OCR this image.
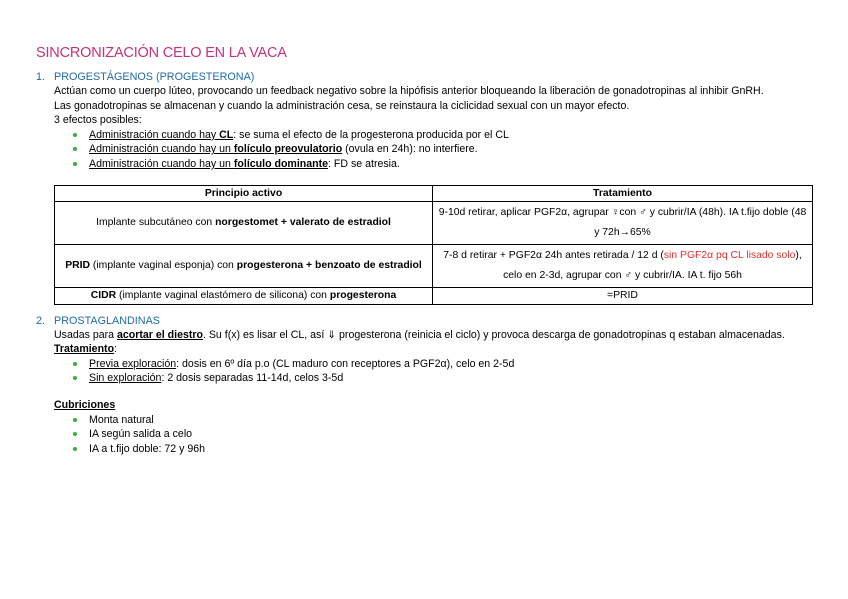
SINCRONIZACIÓN CELO EN LA VACA
1. PROGESTÁGENOS (PROGESTERONA)
Actúan como un cuerpo lúteo, provocando un feedback negativo sobre la hipófisis anterior bloqueando la liberación de gonadotropinas al inhibir GnRH.
Las gonadotropinas se almacenan y cuando la administración cesa, se reinstaura la ciclicidad sexual con un mayor efecto.
3 efectos posibles:
Administración cuando hay CL: se suma el efecto de la progesterona producida por el CL
Administración cuando hay un folículo preovulatorio (ovula en 24h): no interfiere.
Administración cuando hay un folículo dominante: FD se atresia.
Principio activo	Tratamiento
Implante subcutáneo con norgestomet + valerato de estradiol	9-10d retirar, aplicar PGF2α, agrupar ♀con ♂ y cubrir/IA (48h). IA t.fijo doble (48 y 72h→65%
PRID (implante vaginal esponja) con progesterona + benzoato de estradiol	7-8 d retirar + PGF2α 24h antes retirada / 12 d (sin PGF2α pq CL lisado solo), celo en 2-3d, agrupar con ♂ y cubrir/IA. IA t. fijo 56h
CIDR (implante vaginal elastómero de silicona) con progesterona	=PRID
2. PROSTAGLANDINAS
Usadas para acortar el diestro. Su f(x) es lisar el CL, así ⇓ progesterona (reinicia el ciclo) y provoca descarga de gonadotropinas q estaban almacenadas.
Tratamiento:
Previa exploración: dosis en 6º día p.o (CL maduro con receptores a PGF2α), celo en 2-5d
Sin exploración: 2 dosis separadas 11-14d, celos 3-5d
Cubriciones
Monta natural
IA según salida a celo
IA a t.fijo doble: 72 y 96h
